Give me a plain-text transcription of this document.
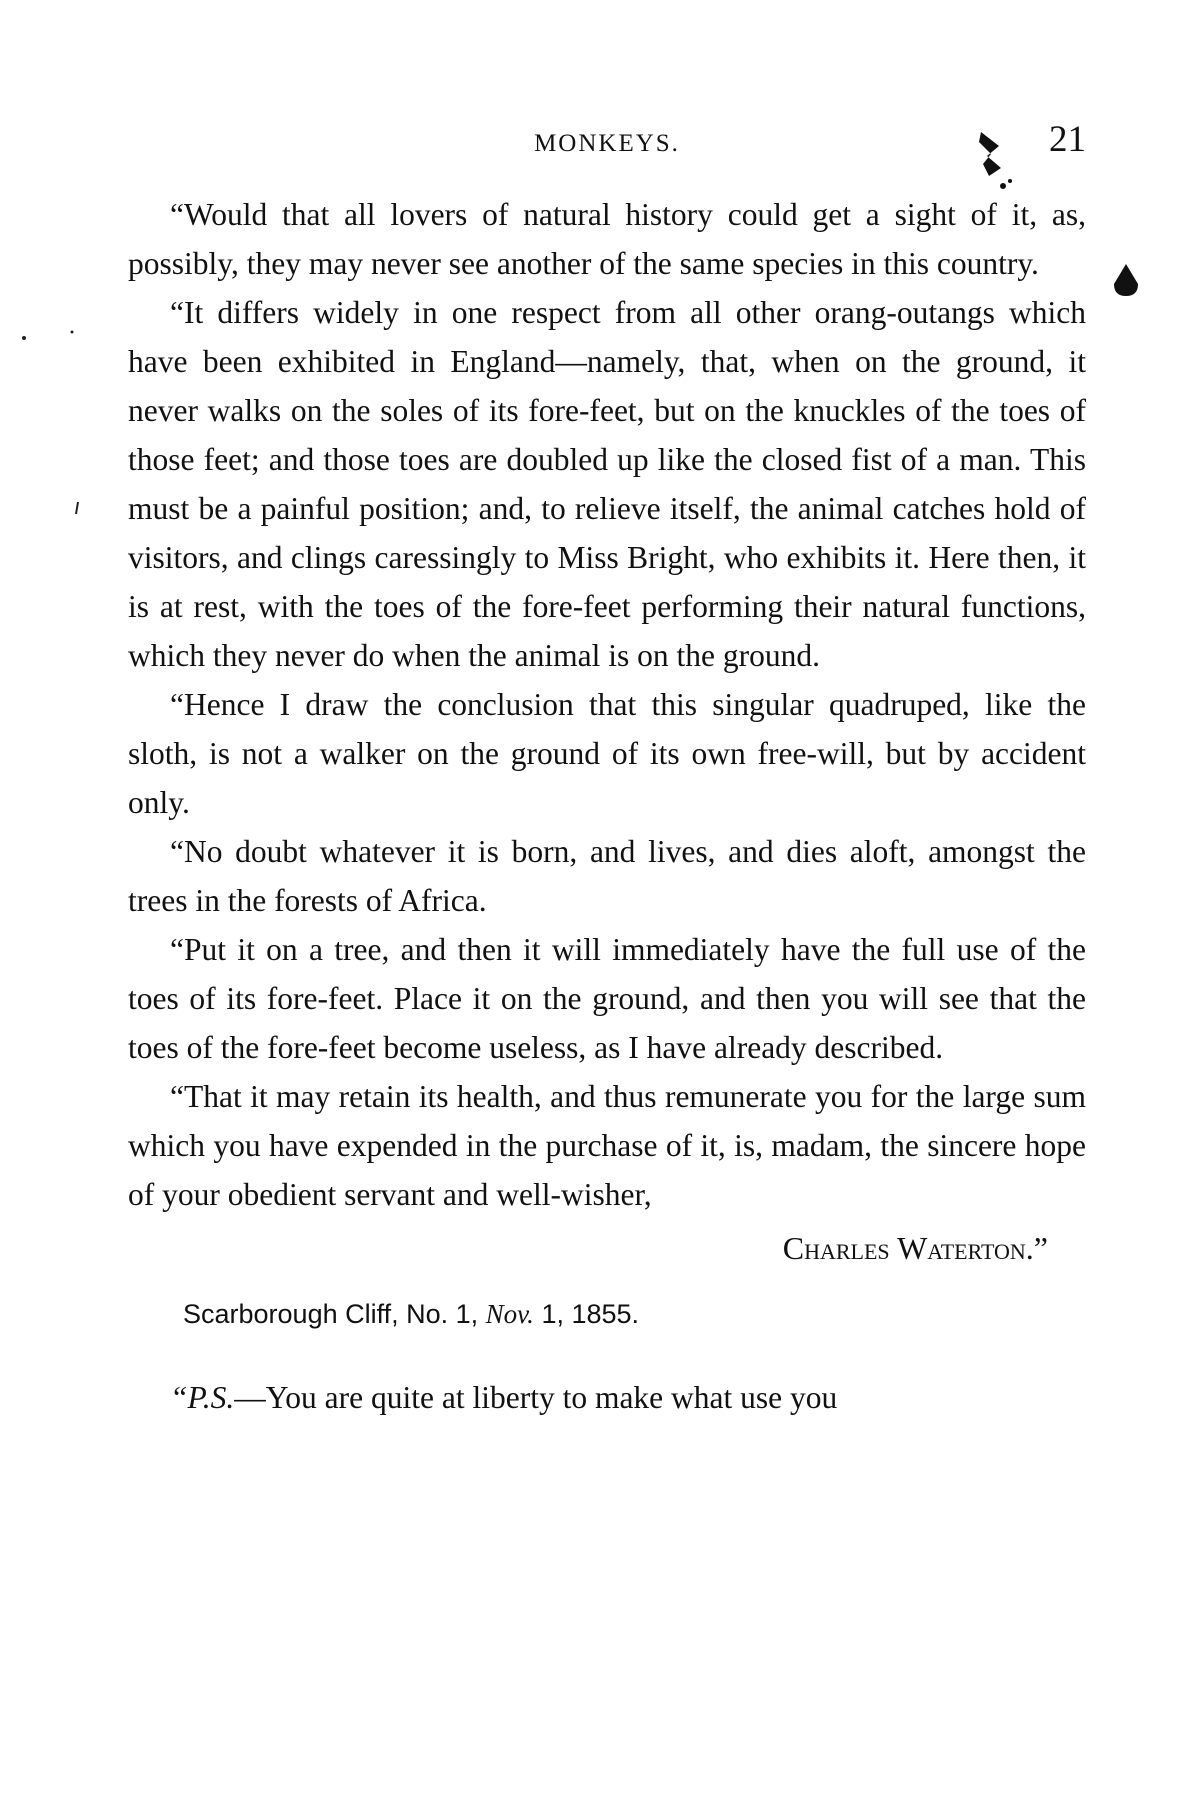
MONKEYS.	21

“Would that all lovers of natural history could get a sight of it, as, possibly, they may never see another of the same species in this country.

“It differs widely in one respect from all other orang-outangs which have been exhibited in England—namely, that, when on the ground, it never walks on the soles of its fore-feet, but on the knuckles of the toes of those feet; and those toes are doubled up like the closed fist of a man. This must be a painful position; and, to relieve itself, the animal catches hold of visitors, and clings caressingly to Miss Bright, who exhibits it. Here then, it is at rest, with the toes of the fore-feet performing their natural functions, which they never do when the animal is on the ground.

“Hence I draw the conclusion that this singular quadruped, like the sloth, is not a walker on the ground of its own free-will, but by accident only.

“No doubt whatever it is born, and lives, and dies aloft, amongst the trees in the forests of Africa.

“Put it on a tree, and then it will immediately have the full use of the toes of its fore-feet. Place it on the ground, and then you will see that the toes of the fore-feet become useless, as I have already described.

“That it may retain its health, and thus remunerate you for the large sum which you have expended in the purchase of it, is, madam, the sincere hope of your obedient servant and well-wisher,

Charles Waterton.”
Scarborough Cliff, No. 1, Nov. 1, 1855.

“P.S.—You are quite at liberty to make what use you
